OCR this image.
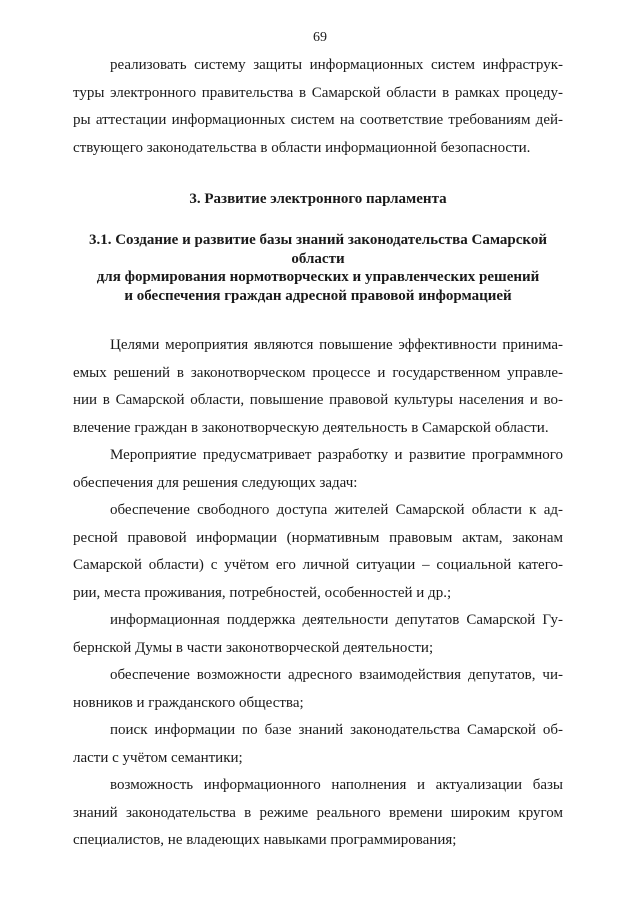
69

реализовать систему защиты информационных систем инфраструк-
туры электронного правительства в Самарской области в рамках процеду-
ры аттестации информационных систем на соответствие требованиям дей-
ствующего законодательства в области информационной безопасности.

3. Развитие электронного парламента
3.1. Создание и развитие базы знаний законодательства Самарской области
для формирования нормотворческих и управленческих решений
и обеспечения граждан адресной правовой информацией

Целями мероприятия являются повышение эффективности принима-
емых решений в законотворческом процессе и государственном управле-
нии в Самарской области, повышение правовой культуры населения и во-
влечение граждан в законотворческую деятельность в Самарской области.

Мероприятие предусматривает разработку и развитие программного
обеспечения для решения следующих задач:

обеспечение свободного доступа жителей Самарской области к ад-
ресной правовой информации (нормативным правовым актам, законам
Самарской области) с учётом его личной ситуации – социальной катего-
рии, места проживания, потребностей, особенностей и др.;

информационная поддержка деятельности депутатов Самарской Гу-
бернской Думы в части законотворческой деятельности;

обеспечение возможности адресного взаимодействия депутатов, чи-
новников и гражданского общества;

поиск информации по базе знаний законодательства Самарской об-
ласти с учётом семантики;

возможность информационного наполнения и актуализации базы
знаний законодательства в режиме реального времени широким кругом
специалистов, не владеющих навыками программирования;
